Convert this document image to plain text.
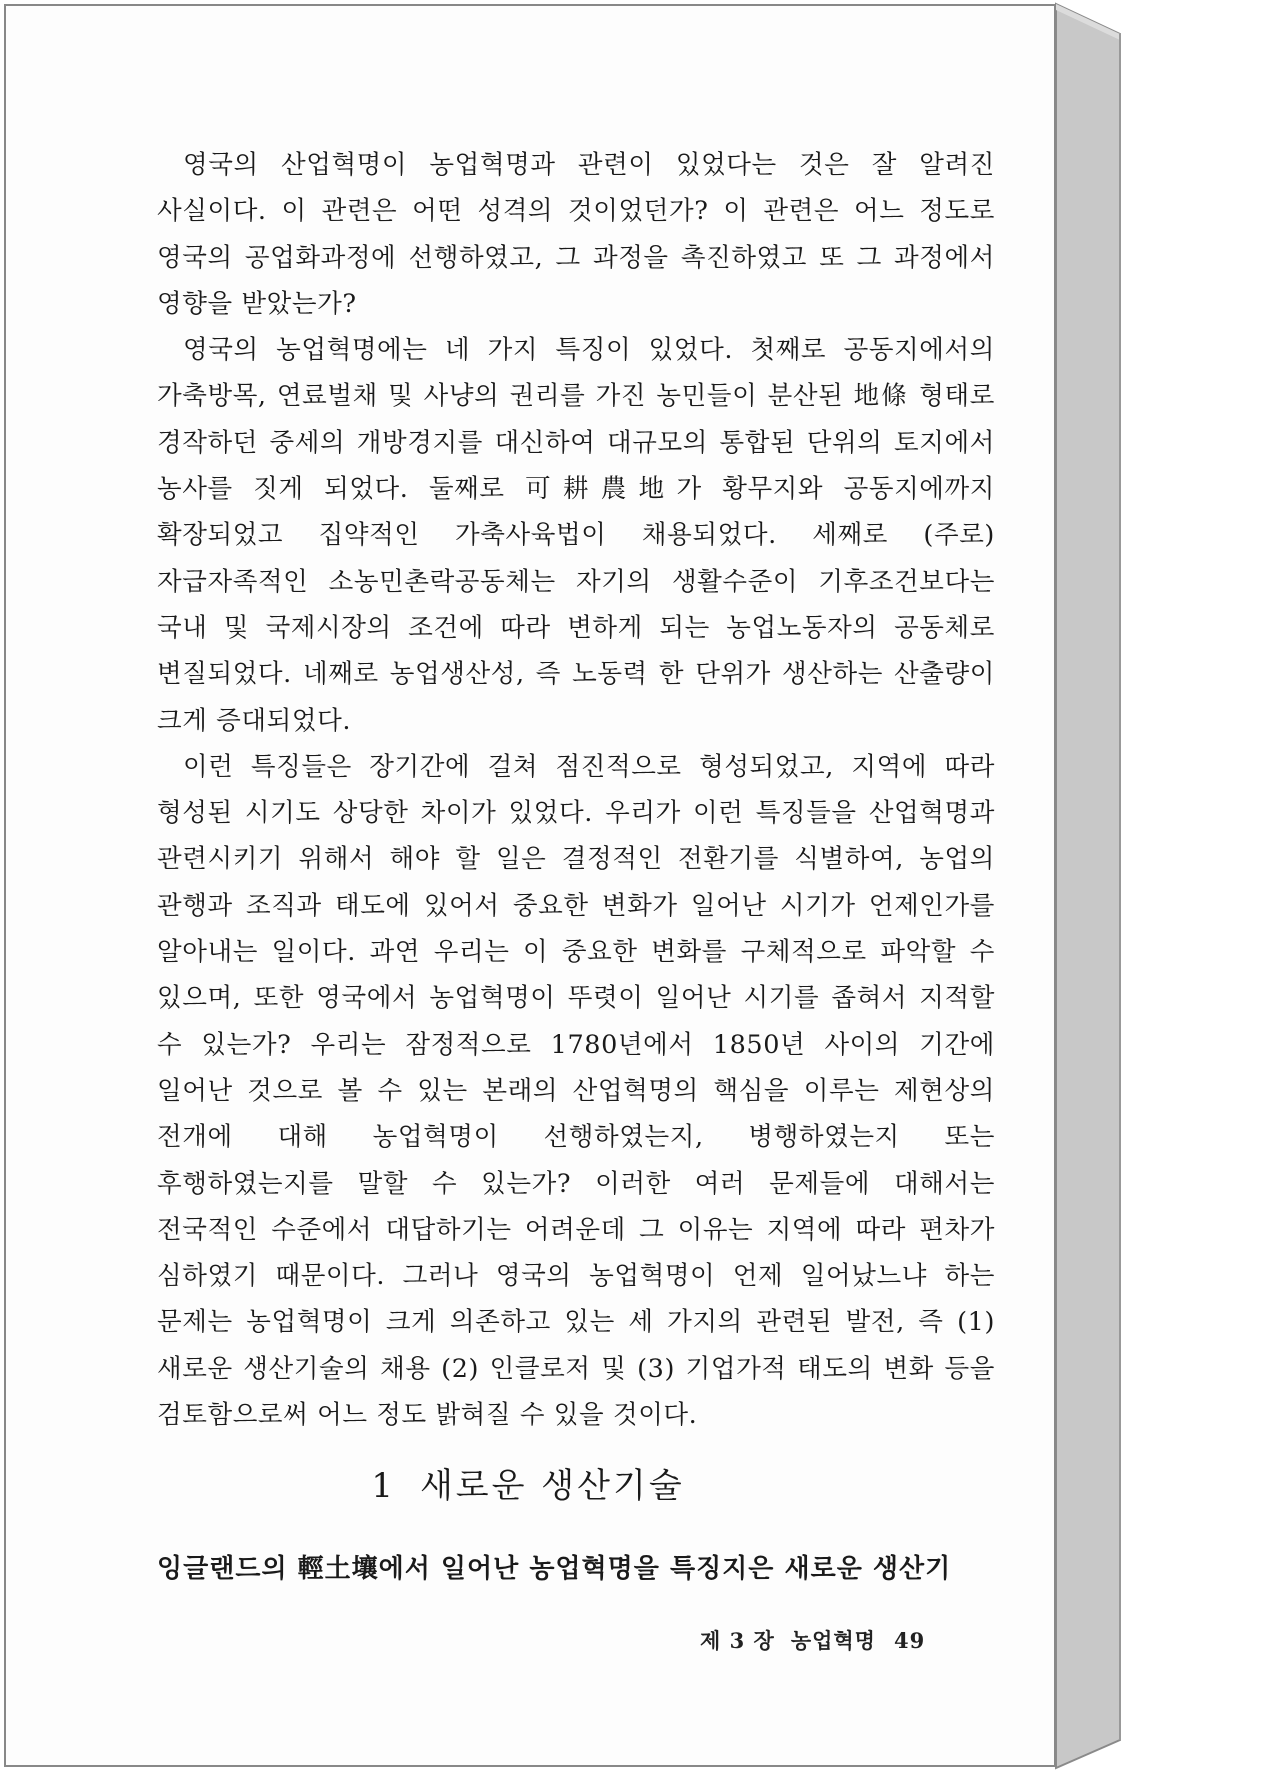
영국의 산업혁명이 농업혁명과 관련이 있었다는 것은 잘 알려진 사실이다. 이 관련은 어떤 성격의 것이었던가? 이 관련은 어느 정도로 영국의 공업화과정에 선행하였고, 그 과정을 촉진하였고 또 그 과정에서 영향을 받았는가?

영국의 농업혁명에는 네 가지 특징이 있었다. 첫째로 공동지에서의 가축방목, 연료벌채 및 사냥의 권리를 가진 농민들이 분산된 地條 형태로 경작하던 중세의 개방경지를 대신하여 대규모의 통합된 단위의 토지에서 농사를 짓게 되었다. 둘째로 可耕農地가 황무지와 공동지에까지 확장되었고 집약적인 가축사육법이 채용되었다. 세째로 (주로) 자급자족적인 소농민촌락공동체는 자기의 생활수준이 기후조건보다는 국내 및 국제시장의 조건에 따라 변하게 되는 농업노동자의 공동체로 변질되었다. 네째로 농업생산성, 즉 노동력 한 단위가 생산하는 산출량이 크게 증대되었다.

이런 특징들은 장기간에 걸쳐 점진적으로 형성되었고, 지역에 따라 형성된 시기도 상당한 차이가 있었다. 우리가 이런 특징들을 산업혁명과 관련시키기 위해서 해야 할 일은 결정적인 전환기를 식별하여, 농업의 관행과 조직과 태도에 있어서 중요한 변화가 일어난 시기가 언제인가를 알아내는 일이다. 과연 우리는 이 중요한 변화를 구체적으로 파악할 수 있으며, 또한 영국에서 농업혁명이 뚜렷이 일어난 시기를 좁혀서 지적할 수 있는가? 우리는 잠정적으로 1780년에서 1850년 사이의 기간에 일어난 것으로 볼 수 있는 본래의 산업혁명의 핵심을 이루는 제현상의 전개에 대해 농업혁명이 선행하였는지, 병행하였는지 또는 후행하였는지를 말할 수 있는가? 이러한 여러 문제들에 대해서는 전국적인 수준에서 대답하기는 어려운데 그 이유는 지역에 따라 편차가 심하였기 때문이다. 그러나 영국의 농업혁명이 언제 일어났느냐 하는 문제는 농업혁명이 크게 의존하고 있는 세 가지의 관련된 발전, 즉 (1) 새로운 생산기술의 채용 (2) 인클로저 및 (3) 기업가적 태도의 변화 등을 검토함으로써 어느 정도 밝혀질 수 있을 것이다.

1 새로운 생산기술
잉글랜드의 輕土壤에서 일어난 농업혁명을 특징지은 새로운 생산기
제 3 장 농업혁명 49
